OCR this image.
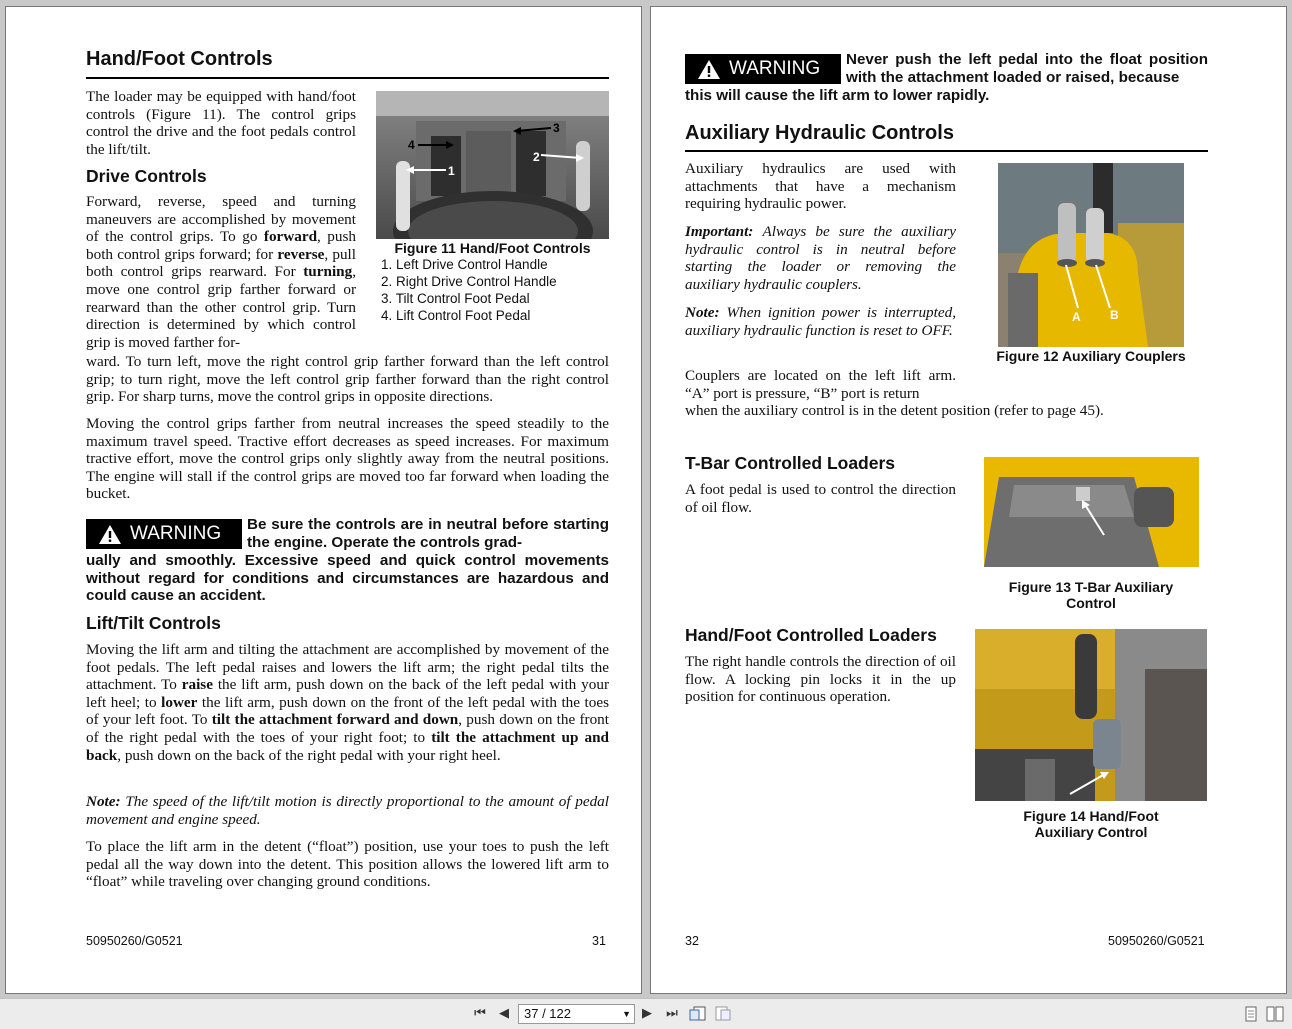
Hand/Foot Controls
1
2
3
4
Figure 11 Hand/Foot Controls
1. Left Drive Control Handle
2. Right Drive Control Handle
3. Tilt Control Foot Pedal
4. Lift Control Foot Pedal
The loader may be equipped with hand/foot controls (Figure 11). The control grips control the drive and the foot pedals control the lift/tilt.
Drive Controls
Forward, reverse, speed and turning maneuvers are accomplished by movement of the control grips. To go forward, push both control grips forward; for reverse, pull both control grips rearward. For turning, move one control grip farther forward or rearward than the other control grip. Turn direction is determined by which control grip is moved farther for-
ward. To turn left, move the right control grip farther forward than the left control grip; to turn right, move the left control grip farther forward than the right control grip. For sharp turns, move the control grips in opposite directions.
Moving the control grips farther from neutral increases the speed steadily to the maximum travel speed. Tractive effort decreases as speed increases. For maximum tractive effort, move the control grips only slightly away from the neutral positions. The engine will stall if the control grips are moved too far forward when loading the bucket.
WARNING Be sure the controls are in neutral before starting the engine. Operate the controls grad-
ually and smoothly. Excessive speed and quick control movements without regard for conditions and circumstances are hazardous and could cause an accident.
Lift/Tilt Controls
Moving the lift arm and tilting the attachment are accomplished by movement of the foot pedals. The left pedal raises and lowers the lift arm; the right pedal tilts the attachment. To raise the lift arm, push down on the back of the left pedal with your left heel; to lower the lift arm, push down on the front of the left pedal with the toes of your left foot. To tilt the attachment forward and down, push down on the front of the right pedal with the toes of your right foot; to tilt the attachment up and back, push down on the back of the right pedal with your right heel.
Note: The speed of the lift/tilt motion is directly proportional to the amount of pedal movement and engine speed.
To place the lift arm in the detent (“float”) position, use your toes to push the left pedal all the way down into the detent. This position allows the lowered lift arm to “float” while traveling over changing ground conditions.
50950260/G0521	31
WARNING Never push the left pedal into the float position with the attachment loaded or raised, because
this will cause the lift arm to lower rapidly.
Auxiliary Hydraulic Controls
Auxiliary hydraulics are used with attachments that have a mechanism requiring hydraulic power.
Important: Always be sure the auxiliary hydraulic control is in neutral before starting the loader or removing the auxiliary hydraulic couplers.
Note: When ignition power is interrupted, auxiliary hydraulic function is reset to OFF.
Couplers are located on the left lift arm. “A” port is pressure, “B” port is return
when the auxiliary control is in the detent position (refer to page 45).
A B
Figure 12 Auxiliary Couplers
T-Bar Controlled Loaders
A foot pedal is used to control the direction of oil flow.
Figure 13 T-Bar Auxiliary
Control
Hand/Foot Controlled Loaders
The right handle controls the direction of oil flow. A locking pin locks it in the up position for continuous operation.
Figure 14 Hand/Foot
Auxiliary Control
32	50950260/G0521
⏮	◀	37 / 122	▼ ▶	⏭
